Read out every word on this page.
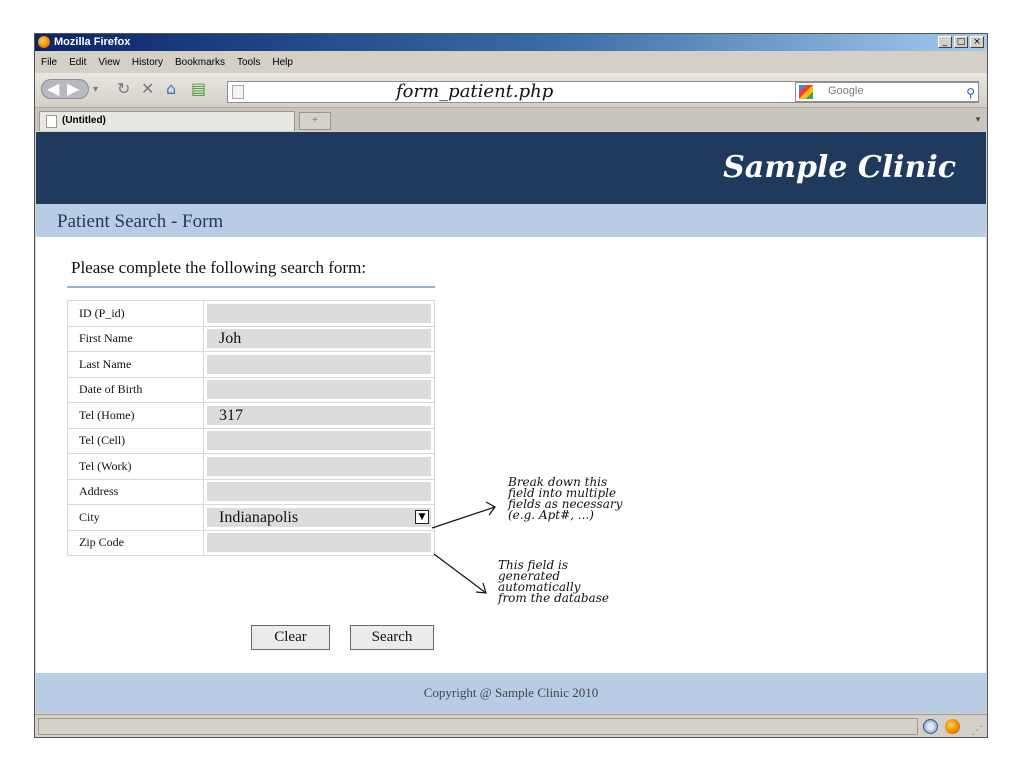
Mozilla Firefox	_	□ ×
File Edit View History Bookmarks Tools Help
◀ ▶ ▾ ↻ ✕ ⌂ ▤	form_patient.php	Google	⚲
(Untitled)	+	▾
Sample Clinic
Patient Search - Form
Please complete the following search form:
ID (P_id)	

First Name	Joh

Last Name	

Date of Birth	

Tel (Home)	317

Tel (Cell)	

Tel (Work)	

Address	

City	Indianapolis ▼

Zip Code	
Clear	Search
Break down this
field into multiple
fields as necessary
(e.g. Apt#, ...)
This field is
generated
automatically
from the database
Copyright @ Sample Clinic 2010
⋰
